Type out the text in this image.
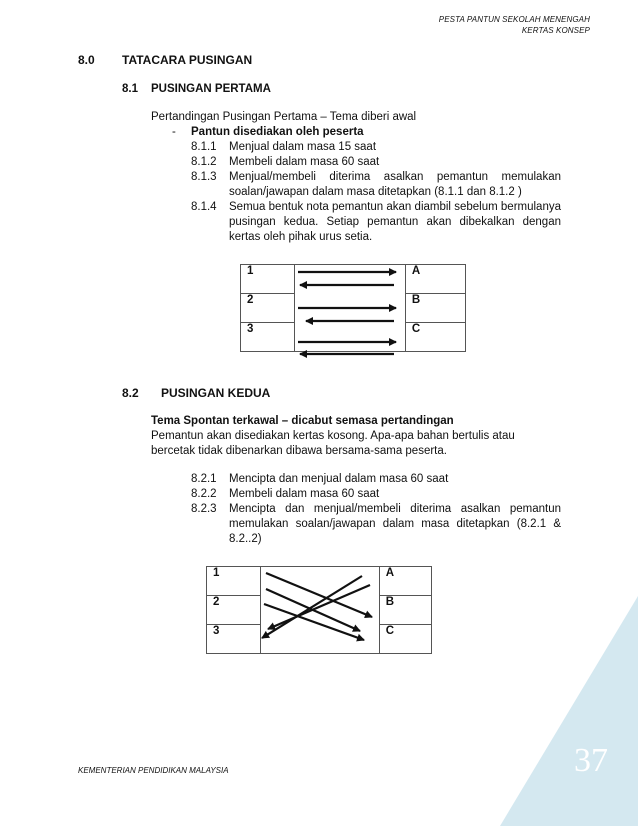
PESTA PANTUN SEKOLAH MENENGAH
KERTAS KONSEP
8.0 TATACARA PUSINGAN
8.1 PUSINGAN PERTAMA
Pertandingan Pusingan Pertama – Tema diberi awal
- Pantun disediakan oleh peserta
8.1.1 Menjual dalam masa 15 saat
8.1.2 Membeli dalam masa 60 saat
8.1.3 Menjual/membeli diterima asalkan pemantun memulakan soalan/jawapan dalam masa ditetapkan (8.1.1 dan 8.1.2 )
8.1.4 Semua bentuk nota pemantun akan diambil sebelum bermulanya pusingan kedua. Setiap pemantun akan dibekalkan dengan kertas oleh pihak urus setia.
1		A
2		B
3		C
8.2 PUSINGAN KEDUA
Tema Spontan terkawal – dicabut semasa pertandingan
Pemantun akan disediakan kertas kosong. Apa-apa bahan bertulis atau bercetak tidak dibenarkan dibawa bersama-sama peserta.
8.2.1 Mencipta dan menjual dalam masa 60 saat
8.2.2 Membeli dalam masa 60 saat
8.2.3 Mencipta dan menjual/membeli diterima asalkan pemantun memulakan soalan/jawapan dalam masa ditetapkan (8.2.1 & 8.2..2)
1		A
2		B
3		C
KEMENTERIAN PENDIDIKAN MALAYSIA	37
